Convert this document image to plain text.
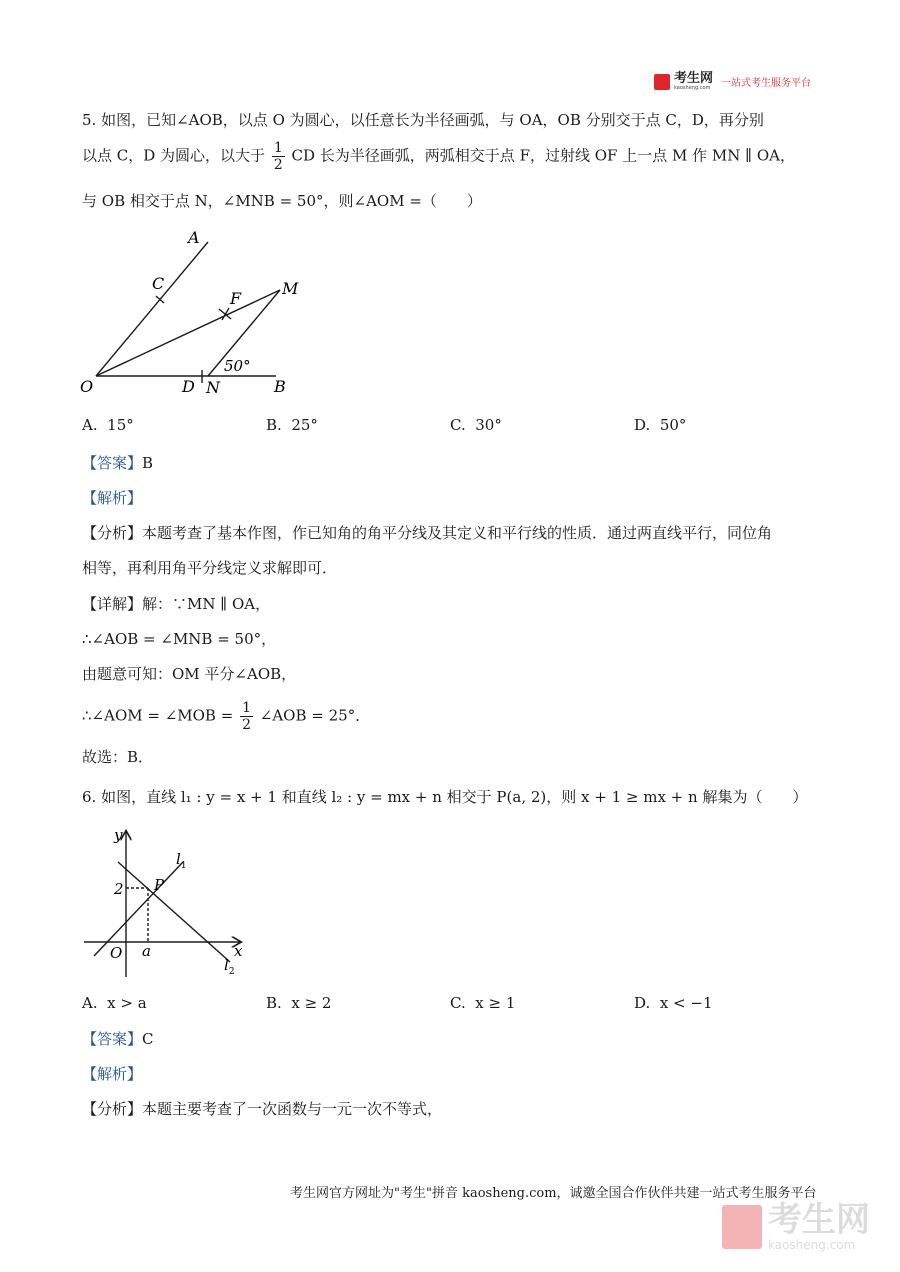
考生网
kaosheng.com 一站式考生服务平台
5. 如图，已知∠AOB，以点 O 为圆心，以任意长为半径画弧，与 OA，OB 分别交于点 C，D，再分别
以点 C，D 为圆心，以大于 $\frac{1}{2}$ CD 长为半径画弧，两弧相交于点 F，过射线 OF 上一点 M 作 MN ∥ OA，
与 OB 相交于点 N，∠MNB = 50°，则∠AOM =（　　）
A
C
F
M
O	D N	B
50°
A. 15°	B. 25°	C. 30°	D. 50°
【答案】B
【解析】
【分析】本题考查了基本作图，作已知角的角平分线及其定义和平行线的性质．通过两直线平行，同位角
相等，再利用角平分线定义求解即可．
【详解】解：∵MN ∥ OA，
∴∠AOB = ∠MNB = 50°，
由题意可知：OM 平分∠AOB，
∴∠AOM = ∠MOB = $\frac{1}{2}$ ∠AOB = 25°．
故选：B．
6. 如图，直线 l₁ : y = x + 1 和直线 l₂ : y = mx + n 相交于 P(a, 2)，则 x + 1 ≥ mx + n 解集为（　　）
y
x
O a
2 P
$l_1$
$l_2$
A. x > a	B. x ≥ 2	C. x ≥ 1	D. x < −1
【答案】C
【解析】
【分析】本题主要考查了一次函数与一元一次不等式，
考生网官方网址为"考生"拼音 kaosheng.com，诚邀全国合作伙伴共建一站式考生服务平台
考生网
kaosheng.com
